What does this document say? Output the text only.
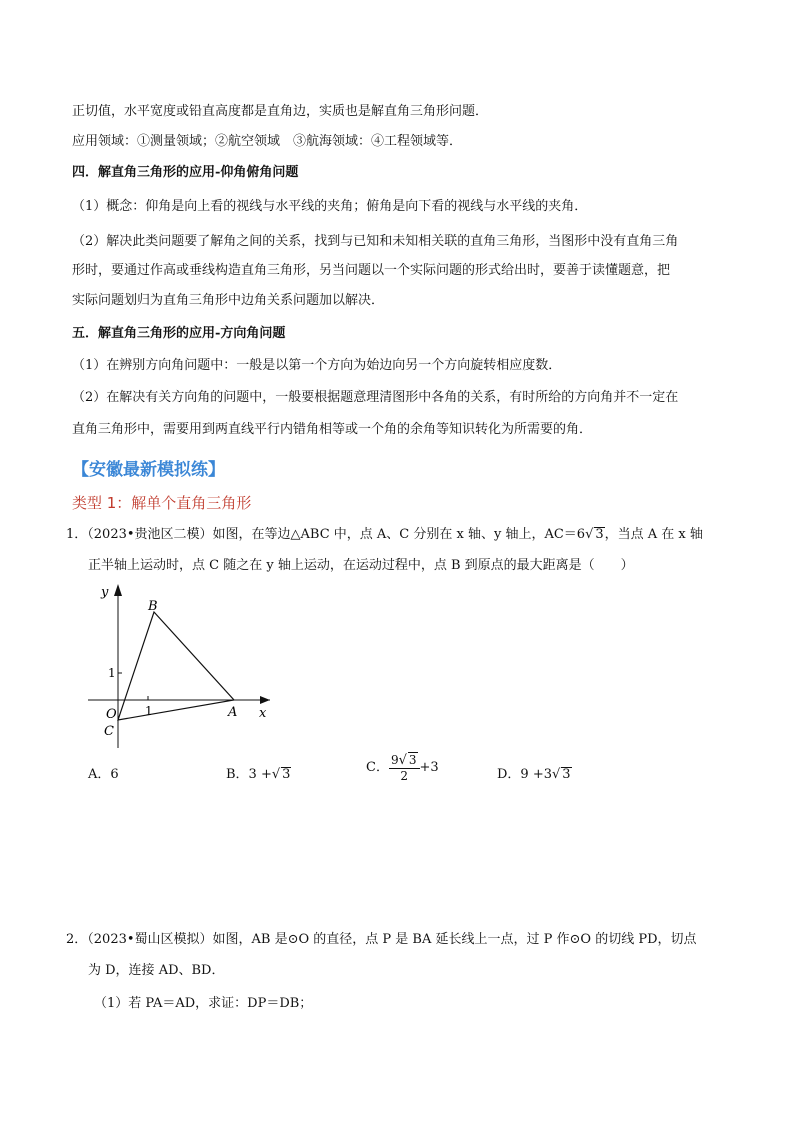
正切值，水平宽度或铅直高度都是直角边，实质也是解直角三角形问题．
应用领域：①测量领域；②航空领域　③航海领域：④工程领域等．
四．解直角三角形的应用-仰角俯角问题
（1）概念：仰角是向上看的视线与水平线的夹角；俯角是向下看的视线与水平线的夹角．
（2）解决此类问题要了解角之间的关系，找到与已知和未知相关联的直角三角形，当图形中没有直角三角
形时，要通过作高或垂线构造直角三角形，另当问题以一个实际问题的形式给出时，要善于读懂题意，把
实际问题划归为直角三角形中边角关系问题加以解决．
五．解直角三角形的应用-方向角问题
（1）在辨别方向角问题中：一般是以第一个方向为始边向另一个方向旋转相应度数．
（2）在解决有关方向角的问题中，一般要根据题意理清图形中各角的关系，有时所给的方向角并不一定在
直角三角形中，需要用到两直线平行内错角相等或一个角的余角等知识转化为所需要的角．
【安徽最新模拟练】
类型 1：解单个直角三角形
1．（2023•贵池区二模）如图，在等边△ABC 中，点 A、C 分别在 x 轴、y 轴上，AC＝6√ 3，当点 A 在 x 轴
正半轴上运动时，点 C 随之在 y 轴上运动，在运动过程中，点 B 到原点的最大距离是（　　）
y
x
B
A
O
C
1
1
A．6	B．3 +√ 3	C． $\frac{9√ 3}{2} +3$	D．9 +3√ 3
2．（2023•蜀山区模拟）如图，AB 是⊙O 的直径，点 P 是 BA 延长线上一点，过 P 作⊙O 的切线 PD，切点
为 D，连接 AD、BD．
（1）若 PA＝AD，求证：DP＝DB；
